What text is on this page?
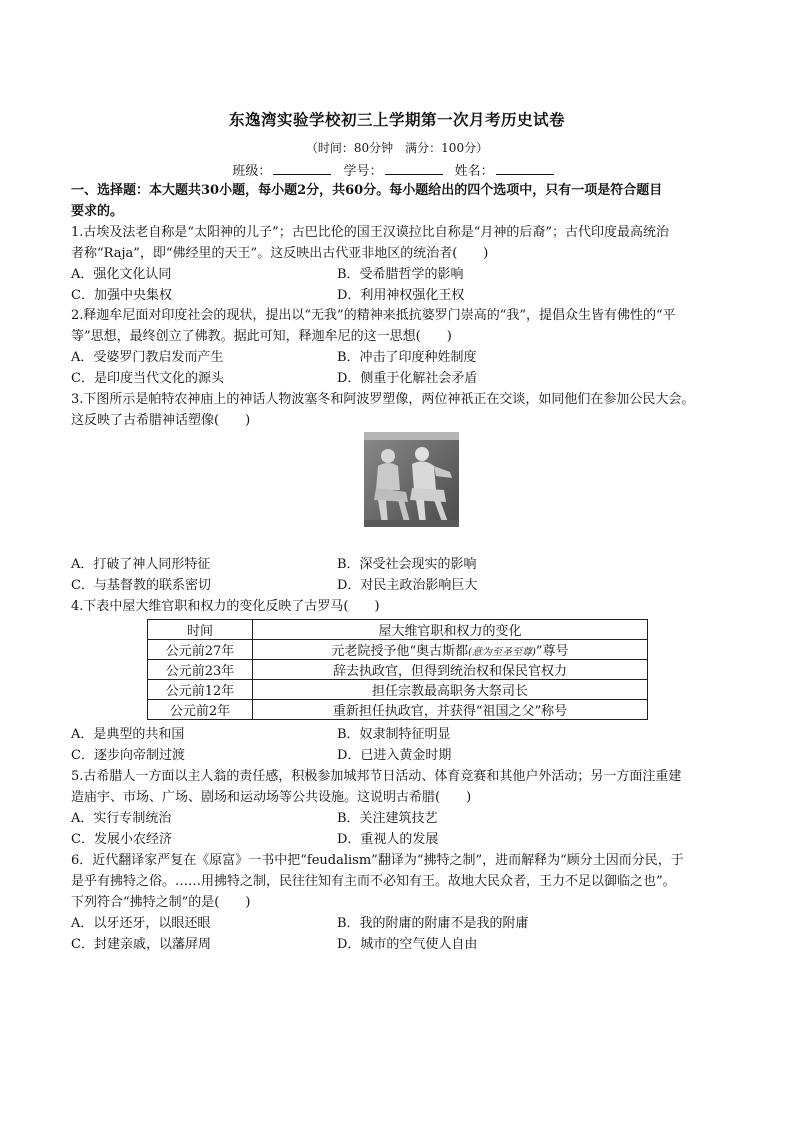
东逸湾实验学校初三上学期第一次月考历史试卷
（时间：80分钟　满分：100分）
班级：	学号：	姓名：
一、选择题：本大题共30小题，每小题2分，共60分。每小题给出的四个选项中，只有一项是符合题目
要求的。
1.古埃及法老自称是“太阳神的儿子”；古巴比伦的国王汉谟拉比自称是“月神的后裔”；古代印度最高统治
者称“Raja”，即“佛经里的天王”。这反映出古代亚非地区的统治者(　　)
A．强化文化认同	B．受希腊哲学的影响
C．加强中央集权	D．利用神权强化王权
2.释迦牟尼面对印度社会的现状，提出以“无我”的精神来抵抗婆罗门崇高的“我”，提倡众生皆有佛性的“平
等”思想，最终创立了佛教。据此可知，释迦牟尼的这一思想(　　)
A．受婆罗门教启发而产生	B．冲击了印度种姓制度
C．是印度当代文化的源头	D．侧重于化解社会矛盾
3.下图所示是帕特农神庙上的神话人物波塞冬和阿波罗塑像，两位神祇正在交谈，如同他们在参加公民大会。
这反映了古希腊神话塑像(　　)
A．打破了神人同形特征	B．深受社会现实的影响
C．与基督教的联系密切	D．对民主政治影响巨大
4.下表中屋大维官职和权力的变化反映了古罗马(　　)
时间	屋大维官职和权力的变化
公元前27年	元老院授予他“奥古斯都(意为至圣至尊)”尊号
公元前23年	辞去执政官，但得到统治权和保民官权力
公元前12年	担任宗教最高职务大祭司长
公元前2年	重新担任执政官，并获得“祖国之父”称号
A．是典型的共和国	B．奴隶制特征明显
C．逐步向帝制过渡	D．已进入黄金时期
5.古希腊人一方面以主人翁的责任感，积极参加城邦节日活动、体育竞赛和其他户外活动；另一方面注重建
造庙宇、市场、广场、剧场和运动场等公共设施。这说明古希腊(　　)
A．实行专制统治	B．关注建筑技艺
C．发展小农经济	D．重视人的发展
6．近代翻译家严复在《原富》一书中把“feudalism”翻译为“拂特之制”，进而解释为“顾分土因而分民，于
是乎有拂特之俗。……用拂特之制，民往往知有主而不必知有王。故地大民众者，王力不足以御临之也”。
下列符合“拂特之制”的是(　　)
A．以牙还牙，以眼还眼	B．我的附庸的附庸不是我的附庸
C．封建亲戚，以藩屏周	D．城市的空气使人自由
